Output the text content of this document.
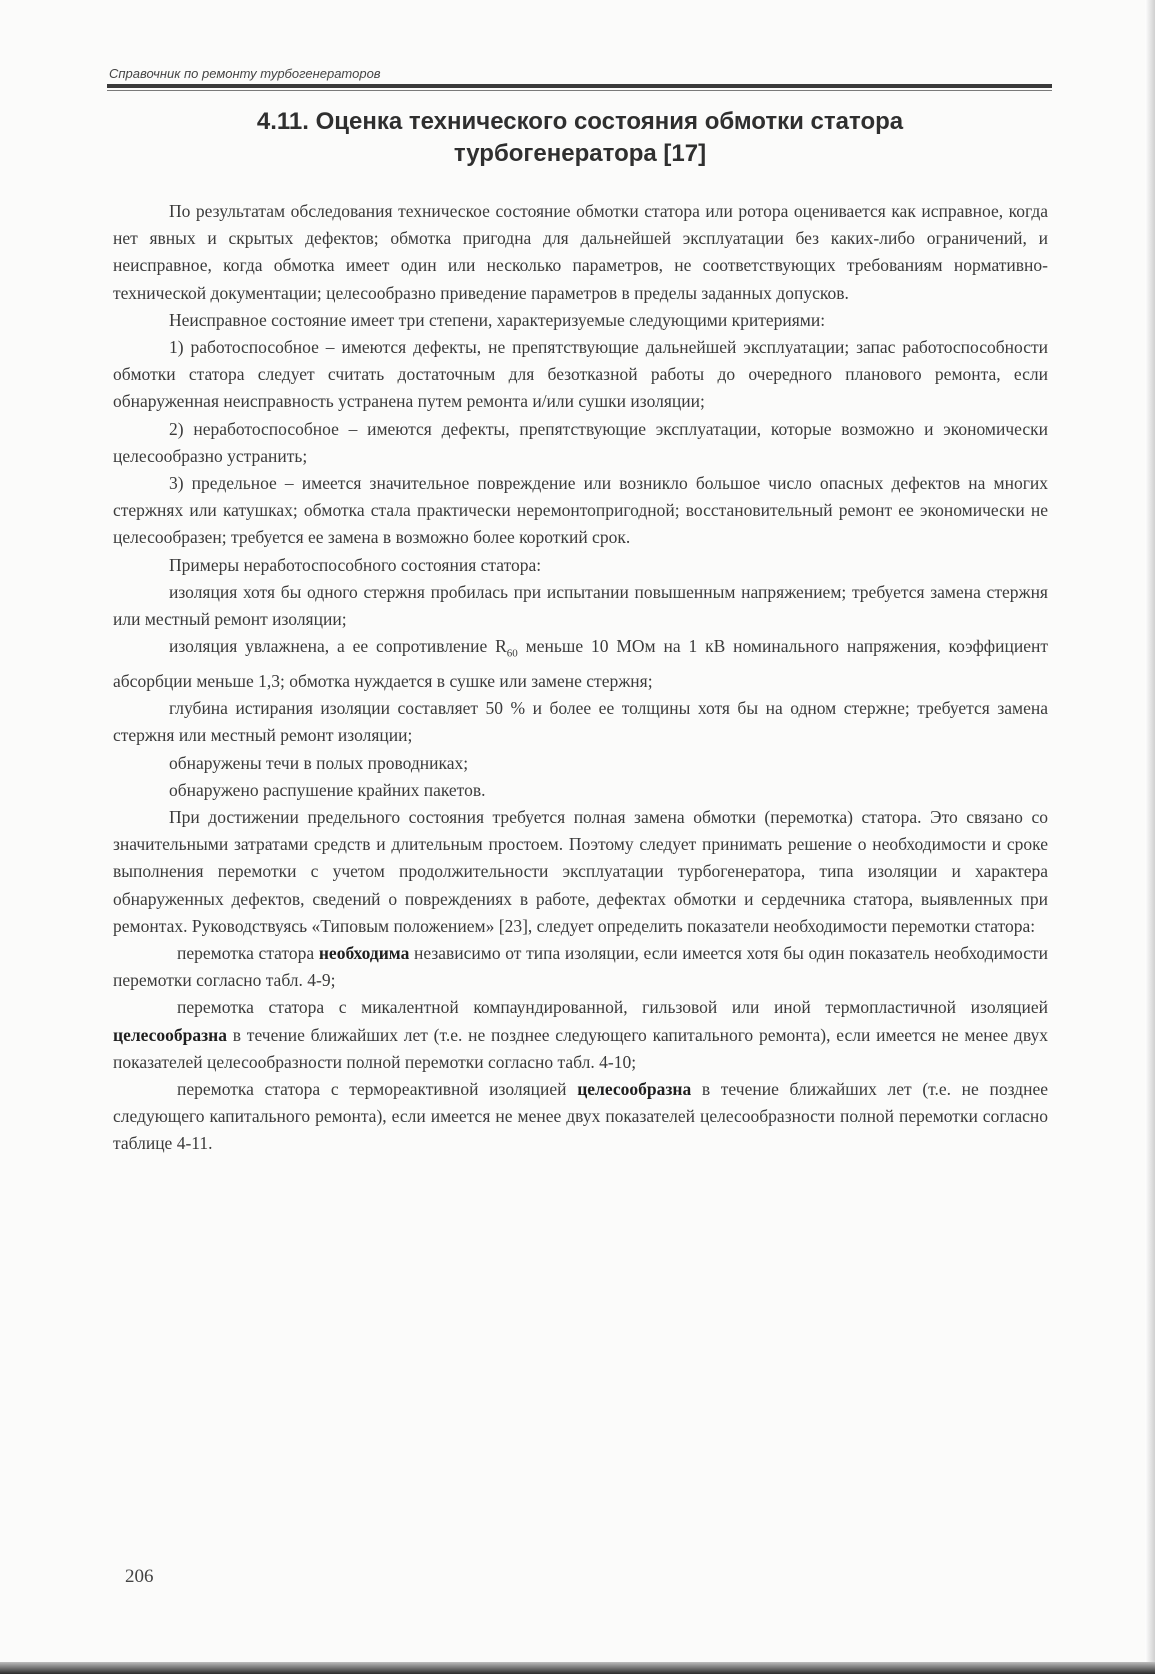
Справочник по ремонту турбогенераторов
4.11. Оценка технического состояния обмотки статора
турбогенератора [17]

По результатам обследования техническое состояние обмотки статора или ротора оценивается как исправное, когда нет явных и скрытых дефектов; обмотка пригодна для дальнейшей эксплуатации без каких-либо ограничений, и неисправное, когда обмотка имеет один или несколько параметров, не соответствующих требованиям нормативно-технической документации; целесообразно приведение параметров в пределы заданных допусков.

Неисправное состояние имеет три степени, характеризуемые следующими критериями:

1) работоспособное – имеются дефекты, не препятствующие дальнейшей эксплуатации; запас работоспособности обмотки статора следует считать достаточным для безотказной работы до очередного планового ремонта, если обнаруженная неисправность устранена путем ремонта и/или сушки изоляции;

2) неработоспособное – имеются дефекты, препятствующие эксплуатации, которые возможно и экономически целесообразно устранить;

3) предельное – имеется значительное повреждение или возникло большое число опасных дефектов на многих стержнях или катушках; обмотка стала практически неремонтопригодной; восстановительный ремонт ее экономически не целесообразен; требуется ее замена в возможно более короткий срок.

Примеры неработоспособного состояния статора:

изоляция хотя бы одного стержня пробилась при испытании повышенным напряжением; требуется замена стержня или местный ремонт изоляции;

изоляция увлажнена, а ее сопротивление $R_{60}$ меньше 10 МОм на 1 кВ номинального напряжения, коэффициент абсорбции меньше 1,3; обмотка нуждается в сушке или замене стержня;

глубина истирания изоляции составляет 50 % и более ее толщины хотя бы на одном стержне; требуется замена стержня или местный ремонт изоляции;

обнаружены течи в полых проводниках;

обнаружено распушение крайних пакетов.

При достижении предельного состояния требуется полная замена обмотки (перемотка) статора. Это связано со значительными затратами средств и длительным простоем. Поэтому следует принимать решение о необходимости и сроке выполнения перемотки с учетом продолжительности эксплуатации турбогенератора, типа изоляции и характера обнаруженных дефектов, сведений о повреждениях в работе, дефектах обмотки и сердечника статора, выявленных при ремонтах. Руководствуясь «Типовым положением» [23], следует определить показатели необходимости перемотки статора:

перемотка статора необходима независимо от типа изоляции, если имеется хотя бы один показатель необходимости перемотки согласно табл. 4-9;

перемотка статора с микалентной компаундированной, гильзовой или иной термопластичной изоляцией целесообразна в течение ближайших лет (т.е. не позднее следующего капитального ремонта), если имеется не менее двух показателей целесообразности полной перемотки согласно табл. 4-10;

перемотка статора с термореактивной изоляцией целесообразна в течение ближайших лет (т.е. не позднее следующего капитального ремонта), если имеется не менее двух показателей целесообразности полной перемотки согласно таблице 4-11.

206
